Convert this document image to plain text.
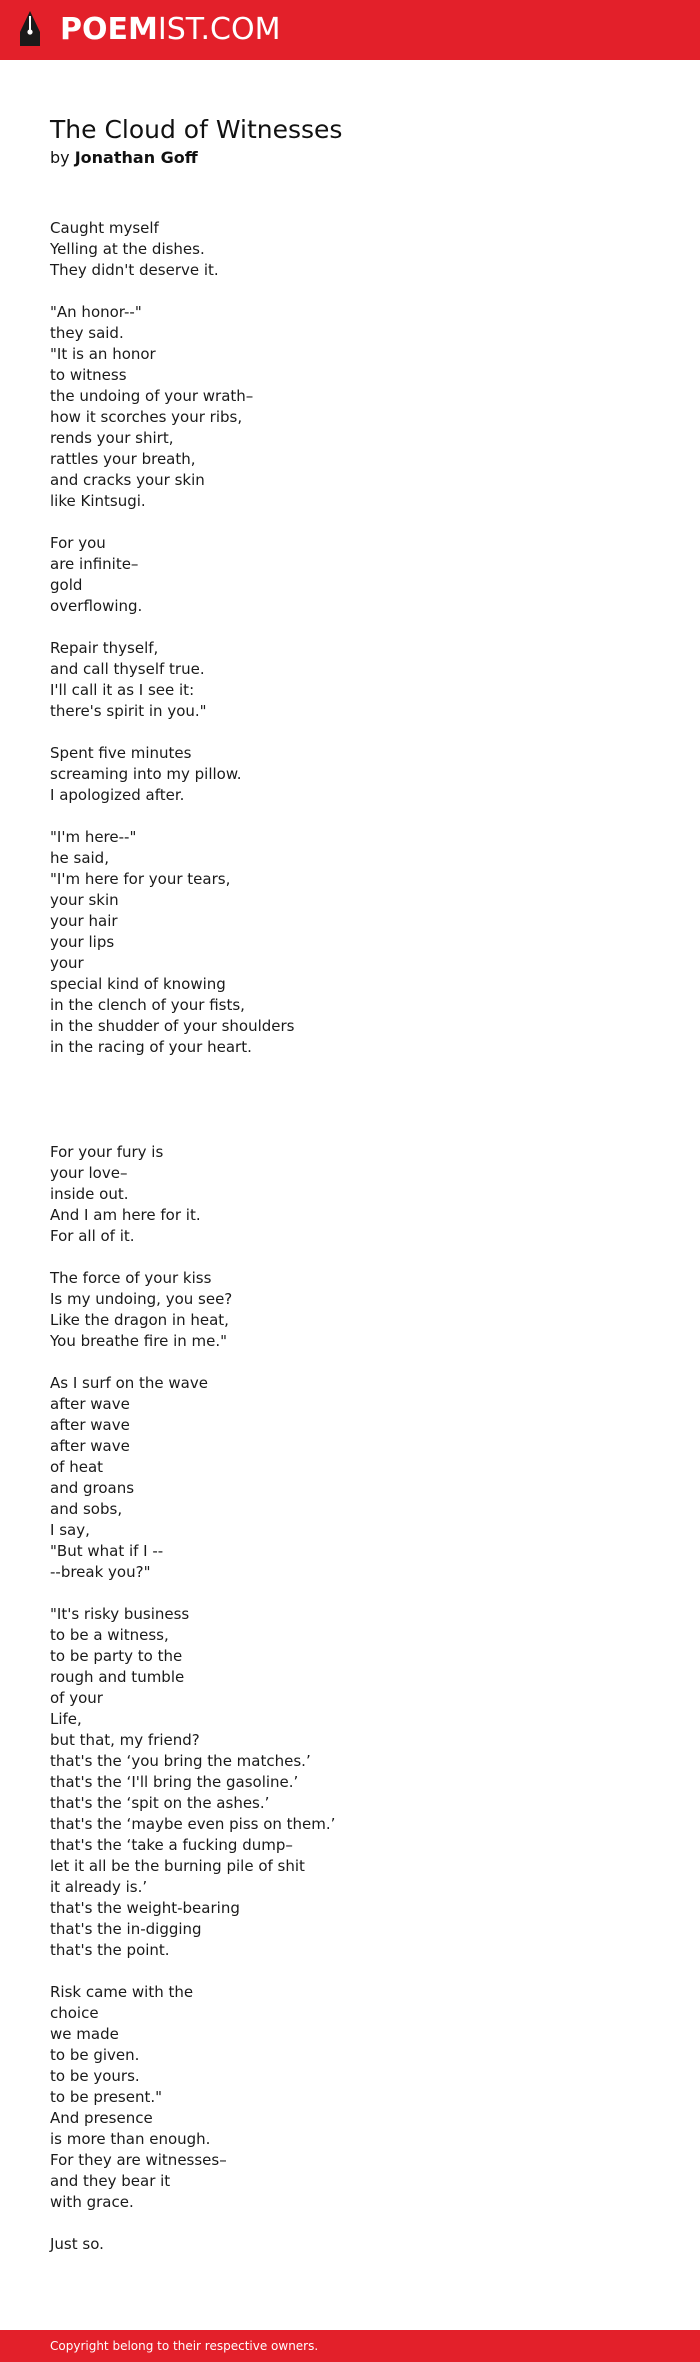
POEMIST.COM
The Cloud of Witnesses
by Jonathan Goff
Caught myself
Yelling at the dishes.
They didn't deserve it.
"An honor--"
they said.
"It is an honor
to witness
the undoing of your wrath–
how it scorches your ribs,
rends your shirt,
rattles your breath,
and cracks your skin
like Kintsugi.
For you
are infinite–
gold
overflowing.
Repair thyself,
and call thyself true.
I'll call it as I see it:
there's spirit in you."
Spent five minutes
screaming into my pillow.
I apologized after.
"I'm here--"
he said,
"I'm here for your tears,
your skin
your hair
your lips
your
special kind of knowing
in the clench of your fists,
in the shudder of your shoulders
in the racing of your heart.
For your fury is
your love–
inside out.
And I am here for it.
For all of it.
The force of your kiss
Is my undoing, you see?
Like the dragon in heat,
You breathe fire in me."
As I surf on the wave
after wave
after wave
after wave
of heat
and groans
and sobs,
I say,
"But what if I --
--break you?"
"It's risky business
to be a witness,
to be party to the
rough and tumble
of your
Life,
but that, my friend?
that's the ‘you bring the matches.’
that's the ‘I'll bring the gasoline.’
that's the ‘spit on the ashes.’
that's the ‘maybe even piss on them.’
that's the ‘take a fucking dump–
let it all be the burning pile of shit
it already is.’
that's the weight-bearing
that's the in-digging
that's the point.
Risk came with the
choice
we made
to be given.
to be yours.
to be present."
And presence
is more than enough.
For they are witnesses–
and they bear it
with grace.
Just so.
Copyright belong to their respective owners.
